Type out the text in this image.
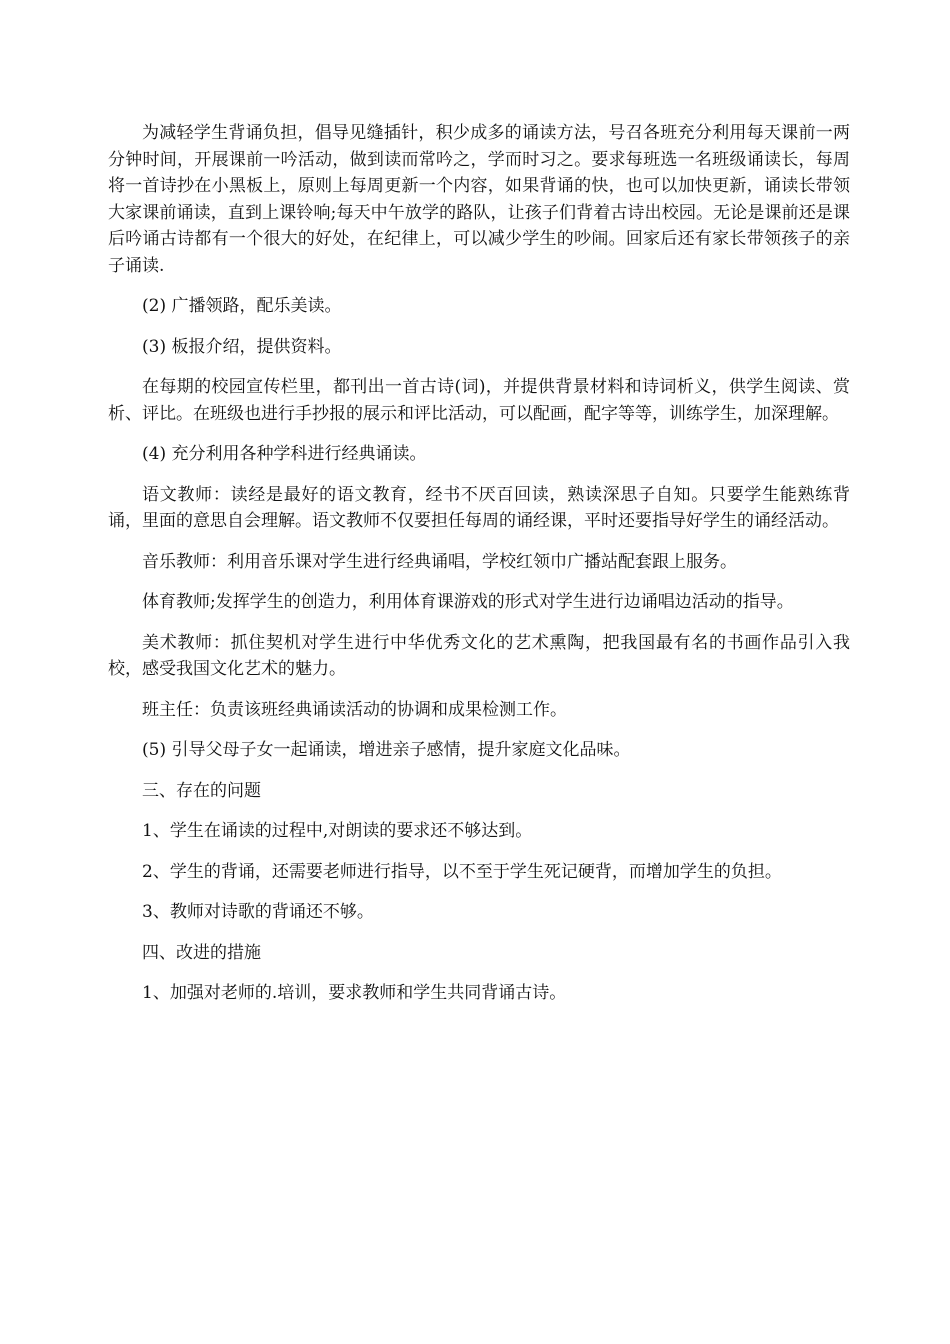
为减轻学生背诵负担，倡导见缝插针，积少成多的诵读方法，号召各班充分利用每天课前一两分钟时间，开展课前一吟活动，做到读而常吟之，学而时习之。要求每班选一名班级诵读长，每周将一首诗抄在小黑板上，原则上每周更新一个内容，如果背诵的快，也可以加快更新，诵读长带领大家课前诵读，直到上课铃响;每天中午放学的路队，让孩子们背着古诗出校园。无论是课前还是课后吟诵古诗都有一个很大的好处，在纪律上，可以减少学生的吵闹。回家后还有家长带领孩子的亲子诵读.

(2) 广播领路，配乐美读。

(3) 板报介绍，提供资料。

在每期的校园宣传栏里，都刊出一首古诗(词)，并提供背景材料和诗词析义，供学生阅读、赏析、评比。在班级也进行手抄报的展示和评比活动，可以配画，配字等等，训练学生，加深理解。

(4) 充分利用各种学科进行经典诵读。

语文教师：读经是最好的语文教育，经书不厌百回读，熟读深思子自知。只要学生能熟练背诵，里面的意思自会理解。语文教师不仅要担任每周的诵经课，平时还要指导好学生的诵经活动。

音乐教师：利用音乐课对学生进行经典诵唱，学校红领巾广播站配套跟上服务。

体育教师;发挥学生的创造力，利用体育课游戏的形式对学生进行边诵唱边活动的指导。

美术教师：抓住契机对学生进行中华优秀文化的艺术熏陶，把我国最有名的书画作品引入我校，感受我国文化艺术的魅力。

班主任：负责该班经典诵读活动的协调和成果检测工作。

(5) 引导父母子女一起诵读，增进亲子感情，提升家庭文化品味。

三、存在的问题

1、学生在诵读的过程中,对朗读的要求还不够达到。

2、学生的背诵，还需要老师进行指导，以不至于学生死记硬背，而增加学生的负担。

3、教师对诗歌的背诵还不够。

四、改进的措施

1、加强对老师的.培训，要求教师和学生共同背诵古诗。
